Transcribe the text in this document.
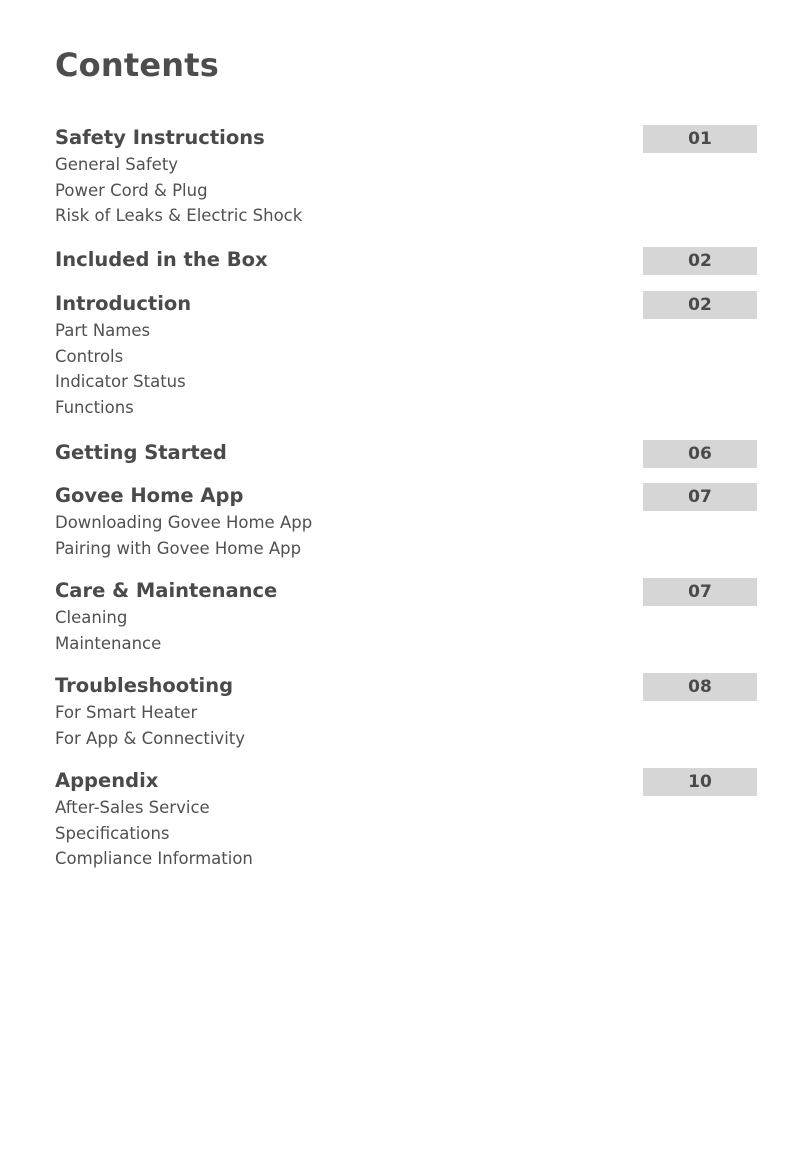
Contents
Safety Instructions	01
General Safety
Power Cord & Plug
Risk of Leaks & Electric Shock
Included in the Box	02
Introduction	02
Part Names
Controls
Indicator Status
Functions
Getting Started	06
Govee Home App	07
Downloading Govee Home App
Pairing with Govee Home App
Care & Maintenance	07
Cleaning
Maintenance
Troubleshooting	08
For Smart Heater
For App & Connectivity
Appendix	10
After-Sales Service
Specifications
Compliance Information
